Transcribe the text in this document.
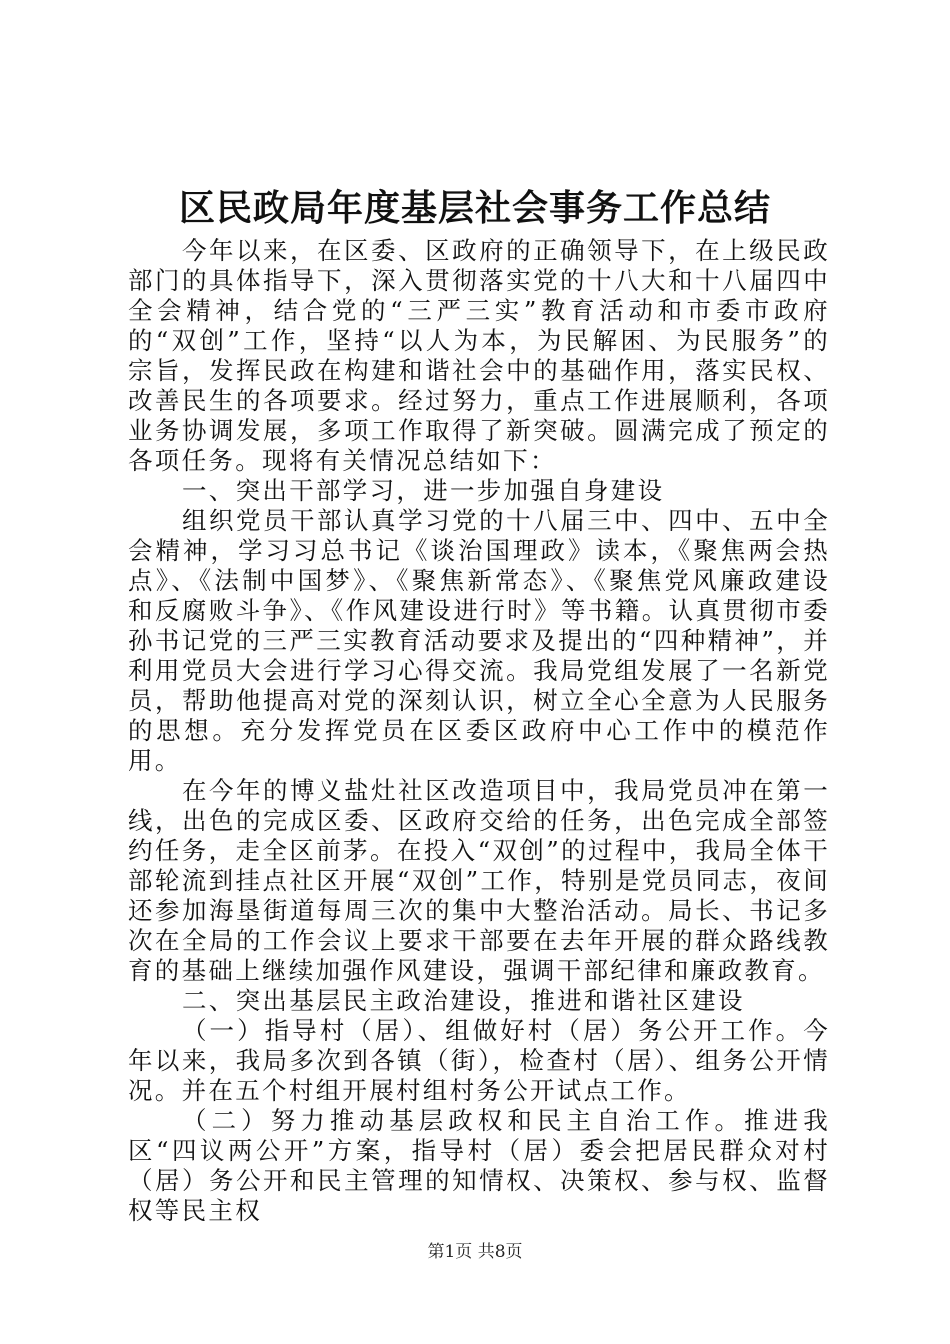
区民政局年度基层社会事务工作总结

今年以来，在区委、区政府的正确领导下，在上级民政部门的具体指导下，深入贯彻落实党的十八大和十八届四中全会精神，结合党的“三严三实”教育活动和市委市政府的“双创”工作，坚持“以人为本，为民解困、为民服务”的宗旨，发挥民政在构建和谐社会中的基础作用，落实民权、改善民生的各项要求。经过努力，重点工作进展顺利，各项业务协调发展，多项工作取得了新突破。圆满完成了预定的各项任务。现将有关情况总结如下：

一、突出干部学习，进一步加强自身建设

组织党员干部认真学习党的十八届三中、四中、五中全会精神，学习习总书记《谈治国理政》读本，《聚焦两会热点》、《法制中国梦》、《聚焦新常态》、《聚焦党风廉政建设和反腐败斗争》、《作风建设进行时》等书籍。认真贯彻市委孙书记党的三严三实教育活动要求及提出的“四种精神”，并利用党员大会进行学习心得交流。我局党组发展了一名新党员，帮助他提高对党的深刻认识，树立全心全意为人民服务的思想。充分发挥党员在区委区政府中心工作中的模范作用。

在今年的博义盐灶社区改造项目中，我局党员冲在第一线，出色的完成区委、区政府交给的任务，出色完成全部签约任务，走全区前茅。在投入“双创”的过程中，我局全体干部轮流到挂点社区开展“双创”工作，特别是党员同志，夜间还参加海垦街道每周三次的集中大整治活动。局长、书记多次在全局的工作会议上要求干部要在去年开展的群众路线教育的基础上继续加强作风建设，强调干部纪律和廉政教育。

二、突出基层民主政治建设，推进和谐社区建设

（一）指导村（居）、组做好村（居）务公开工作。今年以来，我局多次到各镇（街），检查村（居）、组务公开情况。并在五个村组开展村组村务公开试点工作。

（二）努力推动基层政权和民主自治工作。推进我区“四议两公开”方案，指导村（居）委会把居民群众对村（居）务公开和民主管理的知情权、决策权、参与权、监督权等民主权

第1页 共8页
